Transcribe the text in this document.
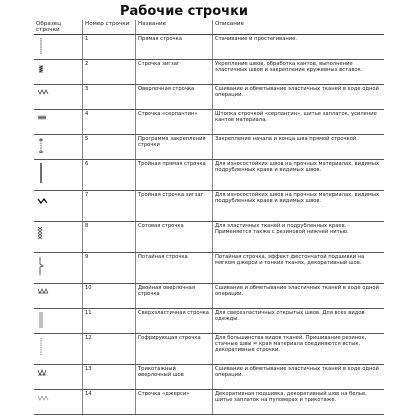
Рабочие строчки
Образец строчки	Номер строчки	Название	Описание

	1	Прямая строчка	Стачивание и простегивание.

	2	Строчка зигзаг	Укрепление швов, обработка кантов, выполнение эластичных швов и закрепление кружевных вставок.

	3	Оверлочная строчка	Сшивание и обметывание эластичных тканей в ходе одной операции.

	4	Строчка «серпантин»	Штопка строчкой «серпантин», шитье заплаток, усиление кантов материала.

	5	Программа закрепления строчки	Закрепление начала и конца шва прямой строчкой.

	6	Тройная прямая строчка	Для износостойких швов на прочных материалах, видимых подрубленных краев и видимых швов.

	7	Тройная строчка зигзаг	Для износостойких швов на прочных материалах, видимых подрубленных краев и видимых швов.

	8	Сотовая строчка	Для эластичных тканей и подрубленных краев. Применяется также с резиновой нижней нитью.

	9	Потайная строчка	Потайная строчка, эффект фестончатой подшивки на мягком джерси и тонких тканях, декоративный шов.

	10	Двойная оверлочная строчка	Сшивание и обметывание эластичных тканей в ходе одной операции.

	11	Сверхэластичная строчка	Для сверхэластичных открытых швов. Для всех видов одежды.

	12	Гофрирующая строчка	Для большинства видов тканей. Пришивание резинок, стачные швы = края материала соединяются встык, декоративные строчки.

	13	Трикотажный оверлочный шов	Сшивание и обметывание эластичных тканей в ходе одной операции.

	14	Строчка «джерси»	Декоративная подшивка, декоративный шов на белье, шитье заплаток на пуловерах и трикотаже.
